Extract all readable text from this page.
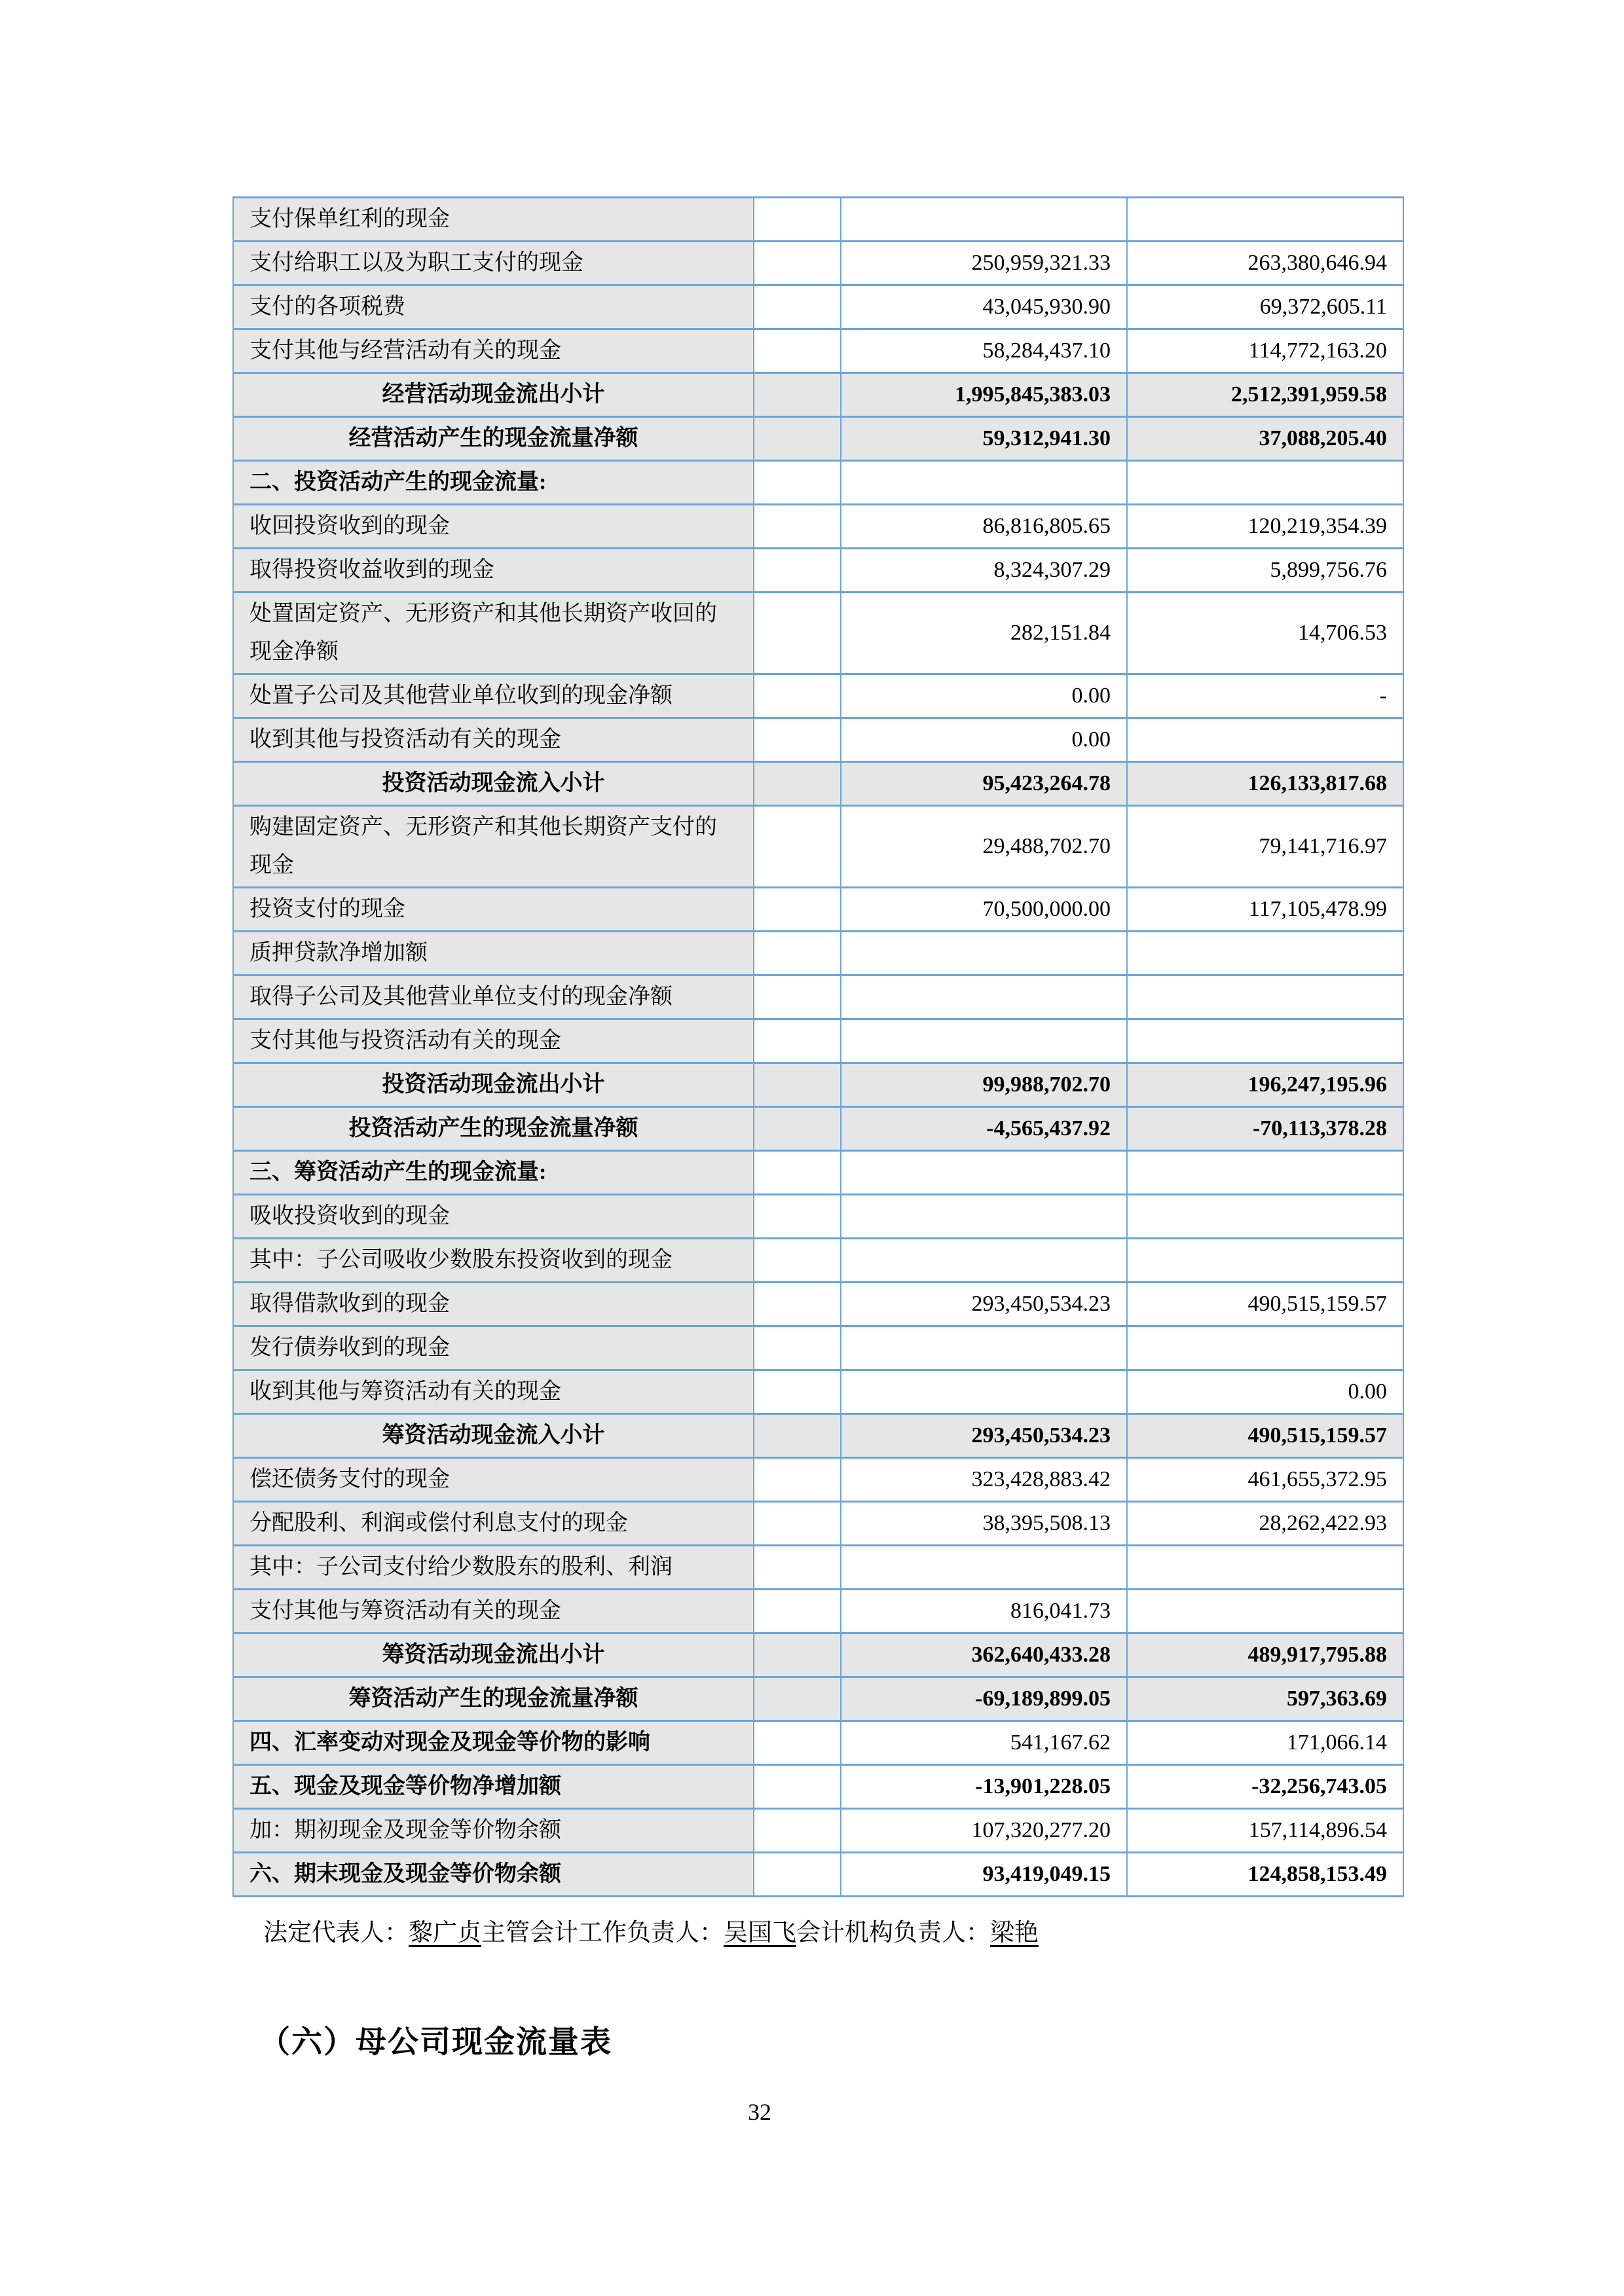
支付保单红利的现金			
支付给职工以及为职工支付的现金		250,959,321.33	263,380,646.94
支付的各项税费		43,045,930.90	69,372,605.11
支付其他与经营活动有关的现金		58,284,437.10	114,772,163.20
经营活动现金流出小计		1,995,845,383.03	2,512,391,959.58
经营活动产生的现金流量净额		59,312,941.30	37,088,205.40
二、投资活动产生的现金流量:			
收回投资收到的现金		86,816,805.65	120,219,354.39
取得投资收益收到的现金		8,324,307.29	5,899,756.76
处置固定资产、无形资产和其他长期资产收回的现金净额		282,151.84	14,706.53
处置子公司及其他营业单位收到的现金净额		0.00	-
收到其他与投资活动有关的现金		0.00	
投资活动现金流入小计		95,423,264.78	126,133,817.68
购建固定资产、无形资产和其他长期资产支付的现金		29,488,702.70	79,141,716.97
投资支付的现金		70,500,000.00	117,105,478.99
质押贷款净增加额			
取得子公司及其他营业单位支付的现金净额			
支付其他与投资活动有关的现金			
投资活动现金流出小计		99,988,702.70	196,247,195.96
投资活动产生的现金流量净额		-4,565,437.92	-70,113,378.28
三、筹资活动产生的现金流量:			
吸收投资收到的现金			
其中：子公司吸收少数股东投资收到的现金			
取得借款收到的现金		293,450,534.23	490,515,159.57
发行债券收到的现金			
收到其他与筹资活动有关的现金			0.00
筹资活动现金流入小计		293,450,534.23	490,515,159.57
偿还债务支付的现金		323,428,883.42	461,655,372.95
分配股利、利润或偿付利息支付的现金		38,395,508.13	28,262,422.93
其中：子公司支付给少数股东的股利、利润			
支付其他与筹资活动有关的现金		816,041.73	
筹资活动现金流出小计		362,640,433.28	489,917,795.88
筹资活动产生的现金流量净额		-69,189,899.05	597,363.69
四、汇率变动对现金及现金等价物的影响		541,167.62	171,066.14
五、现金及现金等价物净增加额		-13,901,228.05	-32,256,743.05
加：期初现金及现金等价物余额		107,320,277.20	157,114,896.54
六、期末现金及现金等价物余额		93,419,049.15	124,858,153.49
法定代表人：黎广贞主管会计工作负责人：吴国飞会计机构负责人：梁艳
（六）母公司现金流量表
32
